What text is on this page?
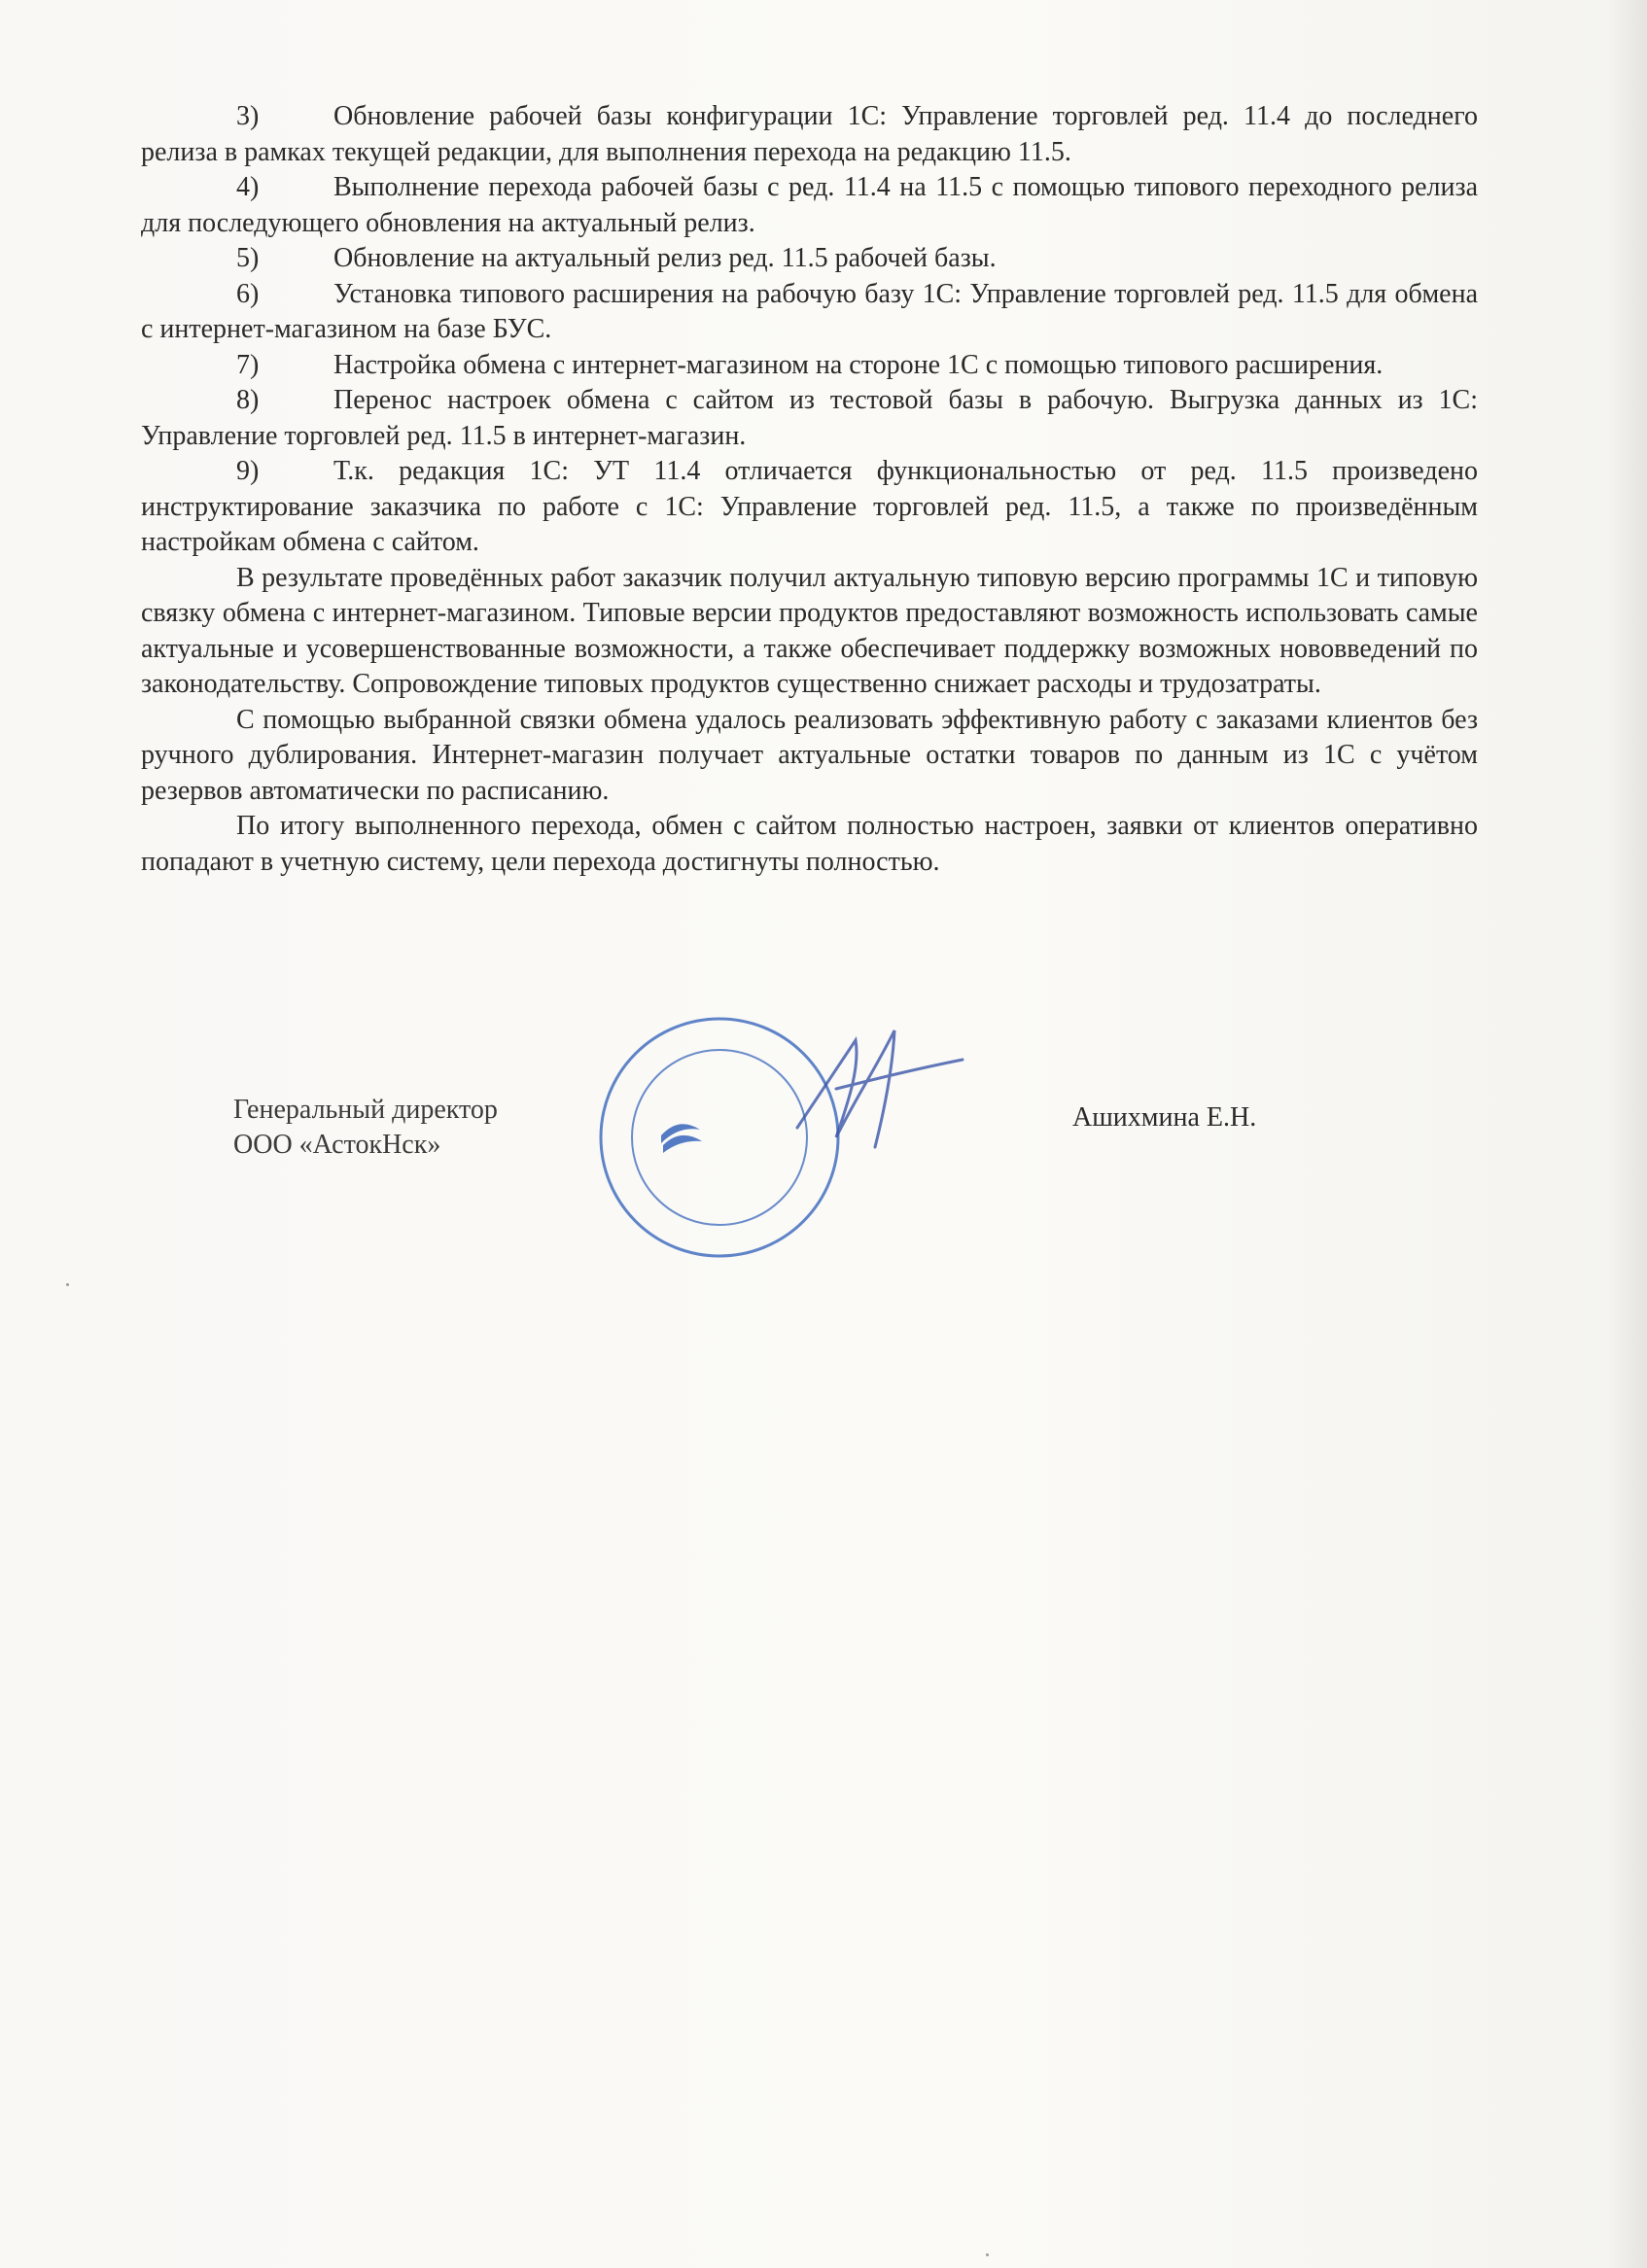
3)	Обновление рабочей базы конфигурации 1С: Управление торговлей ред. 11.4 до последнего релиза в рамках текущей редакции, для выполнения перехода на редакцию 11.5.

4)	Выполнение перехода рабочей базы с ред. 11.4 на 11.5 с помощью типового переходного релиза для последующего обновления на актуальный релиз.

5)	Обновление на актуальный релиз ред. 11.5 рабочей базы.

6)	Установка типового расширения на рабочую базу 1С: Управление торговлей ред. 11.5 для обмена с интернет-магазином на базе БУС.

7)	Настройка обмена с интернет-магазином на стороне 1С с помощью типового расширения.

8)	Перенос настроек обмена с сайтом из тестовой базы в рабочую. Выгрузка данных из 1С: Управление торговлей ред. 11.5 в интернет-магазин.

9)	Т.к. редакция 1С: УТ 11.4 отличается функциональностью от ред. 11.5 произведено инструктирование заказчика по работе с 1С: Управление торговлей ред. 11.5, а также по произведённым настройкам обмена с сайтом.

В результате проведённых работ заказчик получил актуальную типовую версию программы 1С и типовую связку обмена с интернет-магазином. Типовые версии продуктов предоставляют возможность использовать самые актуальные и усовершенствованные возможности, а также обеспечивает поддержку возможных нововведений по законодательству. Сопровождение типовых продуктов существенно снижает расходы и трудозатраты.

С помощью выбранной связки обмена удалось реализовать эффективную работу с заказами клиентов без ручного дублирования. Интернет-магазин получает актуальные остатки товаров по данным из 1С с учётом резервов автоматически по расписанию.

По итогу выполненного перехода, обмен с сайтом полностью настроен, заявки от клиентов оперативно попадают в учетную систему, цели перехода достигнуты полностью.

Генеральный директор
ООО «АстокНск»
Ашихмина Е.Н.
